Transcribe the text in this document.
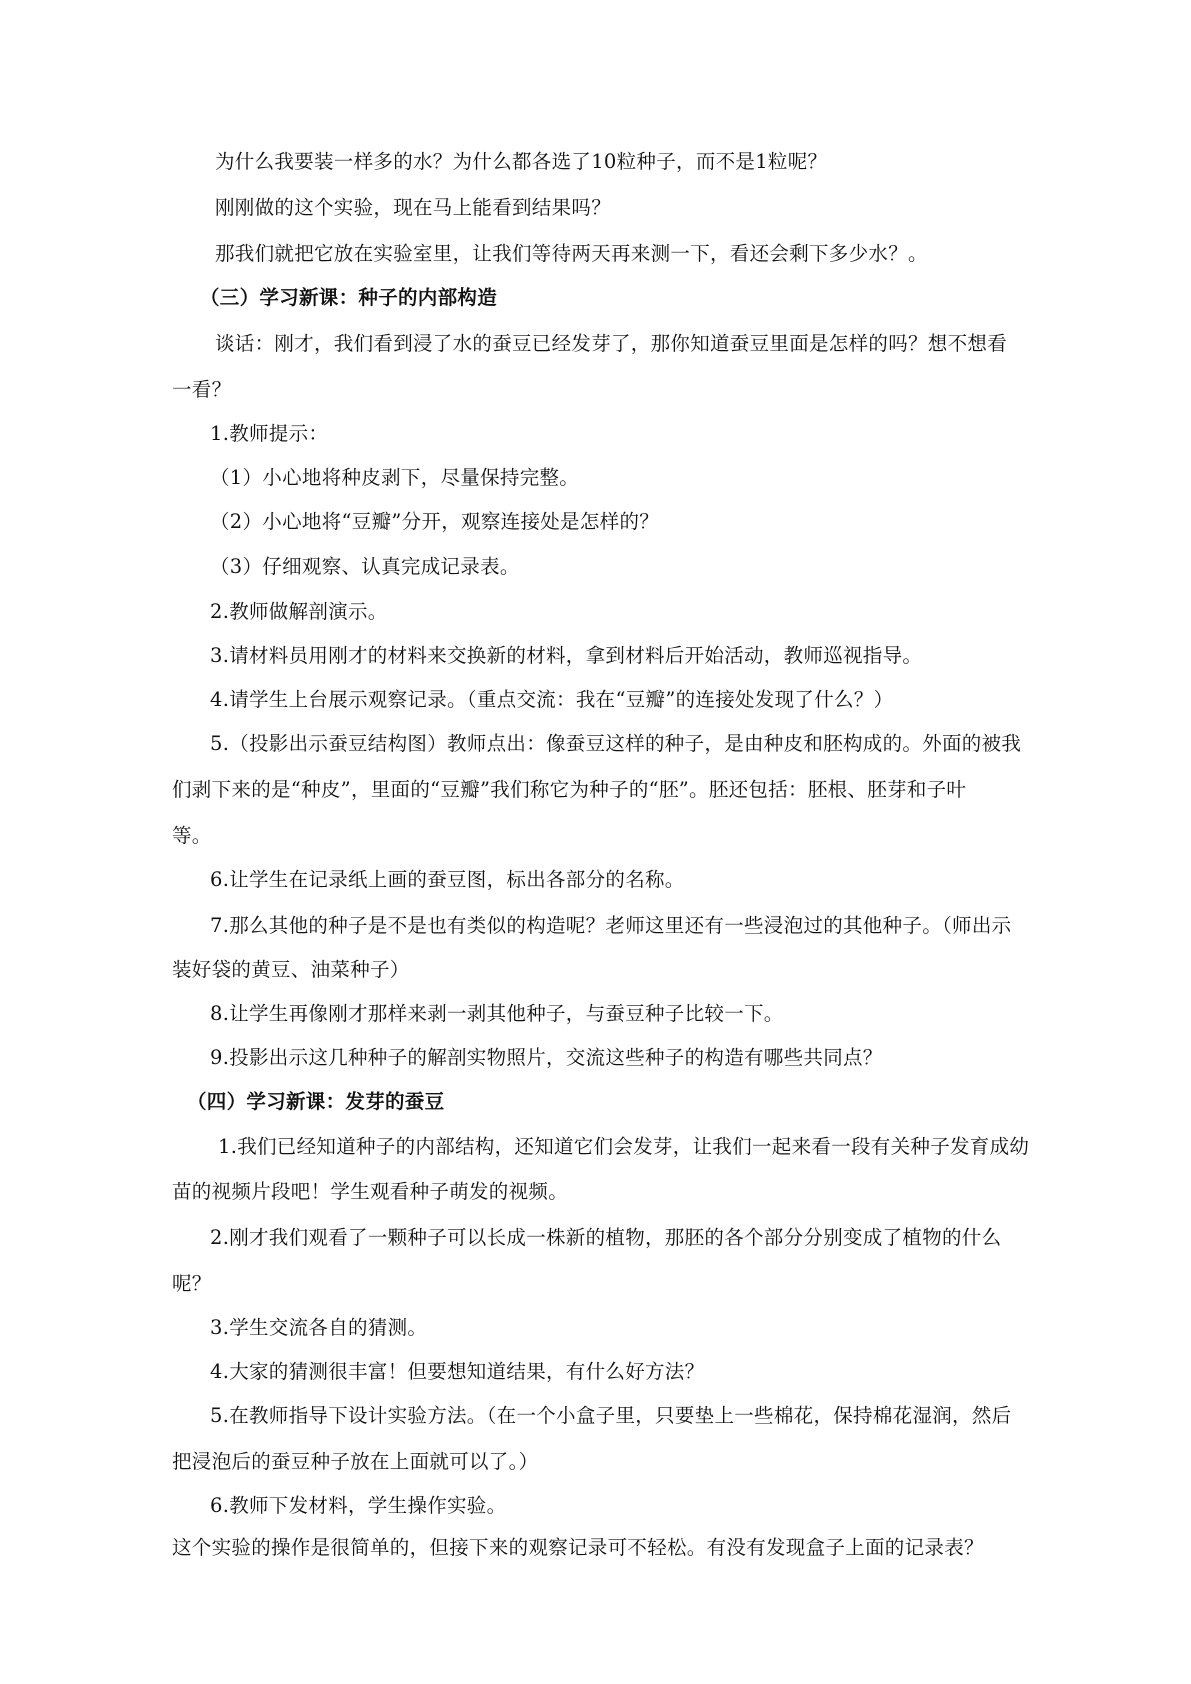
为什么我要装一样多的水？为什么都各选了10粒种子，而不是1粒呢？

刚刚做的这个实验，现在马上能看到结果吗？

那我们就把它放在实验室里，让我们等待两天再来测一下，看还会剩下多少水？。

（三）学习新课：种子的内部构造

谈话：刚才，我们看到浸了水的蚕豆已经发芽了，那你知道蚕豆里面是怎样的吗？想不想看

一看？

1.教师提示：

（1）小心地将种皮剥下，尽量保持完整。

（2）小心地将“豆瓣”分开，观察连接处是怎样的？

（3）仔细观察、认真完成记录表。

2.教师做解剖演示。

3.请材料员用刚才的材料来交换新的材料，拿到材料后开始活动，教师巡视指导。

4.请学生上台展示观察记录。（重点交流：我在“豆瓣”的连接处发现了什么？）

5.（投影出示蚕豆结构图）教师点出：像蚕豆这样的种子，是由种皮和胚构成的。外面的被我

们剥下来的是“种皮”，里面的“豆瓣”我们称它为种子的“胚”。胚还包括：胚根、胚芽和子叶

等。

6.让学生在记录纸上画的蚕豆图，标出各部分的名称。

7.那么其他的种子是不是也有类似的构造呢？老师这里还有一些浸泡过的其他种子。（师出示

装好袋的黄豆、油菜种子）

8.让学生再像刚才那样来剥一剥其他种子，与蚕豆种子比较一下。

9.投影出示这几种种子的解剖实物照片，交流这些种子的构造有哪些共同点？

（四）学习新课：发芽的蚕豆

1.我们已经知道种子的内部结构，还知道它们会发芽，让我们一起来看一段有关种子发育成幼

苗的视频片段吧！学生观看种子萌发的视频。

2.刚才我们观看了一颗种子可以长成一株新的植物，那胚的各个部分分别变成了植物的什么

呢？

3.学生交流各自的猜测。

4.大家的猜测很丰富！但要想知道结果，有什么好方法？

5.在教师指导下设计实验方法。（在一个小盒子里，只要垫上一些棉花，保持棉花湿润，然后

把浸泡后的蚕豆种子放在上面就可以了。）

6.教师下发材料，学生操作实验。

这个实验的操作是很简单的，但接下来的观察记录可不轻松。有没有发现盒子上面的记录表？
